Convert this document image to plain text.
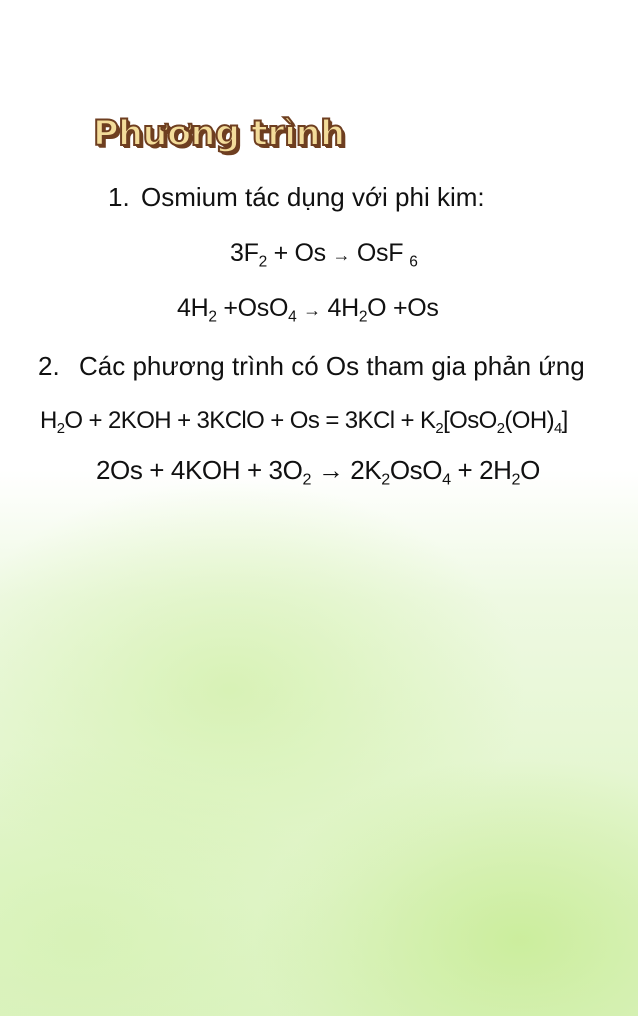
Phương trình
1. Osmium tác dụng với phi kim:
$3F_2 + Os$ → OsF $_6$
$4H_2 +OsO_4 \to 4H_2O +Os$
2. Các phương trình có Os tham gia phản ứng
$H_2O + 2KOH$ + 3KClO + $Os = 3KCl + K_2[OsO_2(OH)_4]$
$2Os + 4KOH + 3O_2 \to 2K_2OsO_4 + 2H_2O$
